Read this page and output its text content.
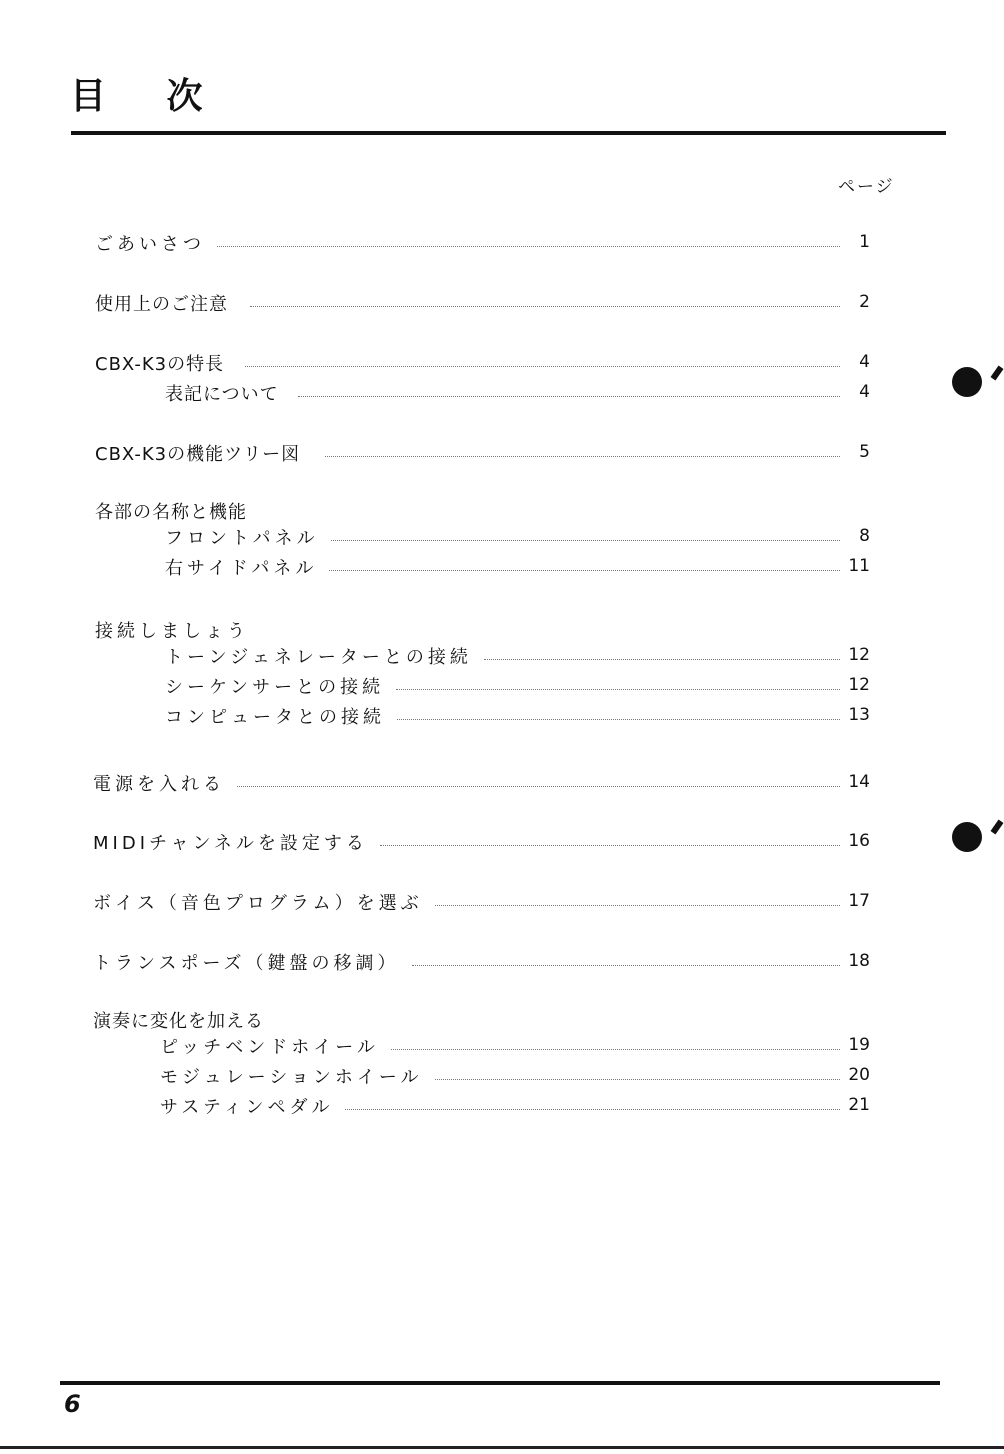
目 次
ページ
ごあいさつ	1
使用上のご注意	2
CBX-K3の特長	4
表記について	4
CBX-K3の機能ツリー図	5
各部の名称と機能
フロントパネル	8
右サイドパネル	11
接続しましょう
トーンジェネレーターとの接続	12
シーケンサーとの接続	12
コンピュータとの接続	13
電源を入れる	14
MIDIチャンネルを設定する	16
ボイス（音色プログラム）を選ぶ	17
トランスポーズ（鍵盤の移調）	18
演奏に変化を加える
ピッチベンドホイール	19
モジュレーションホイール	20
サスティンペダル	21
6
